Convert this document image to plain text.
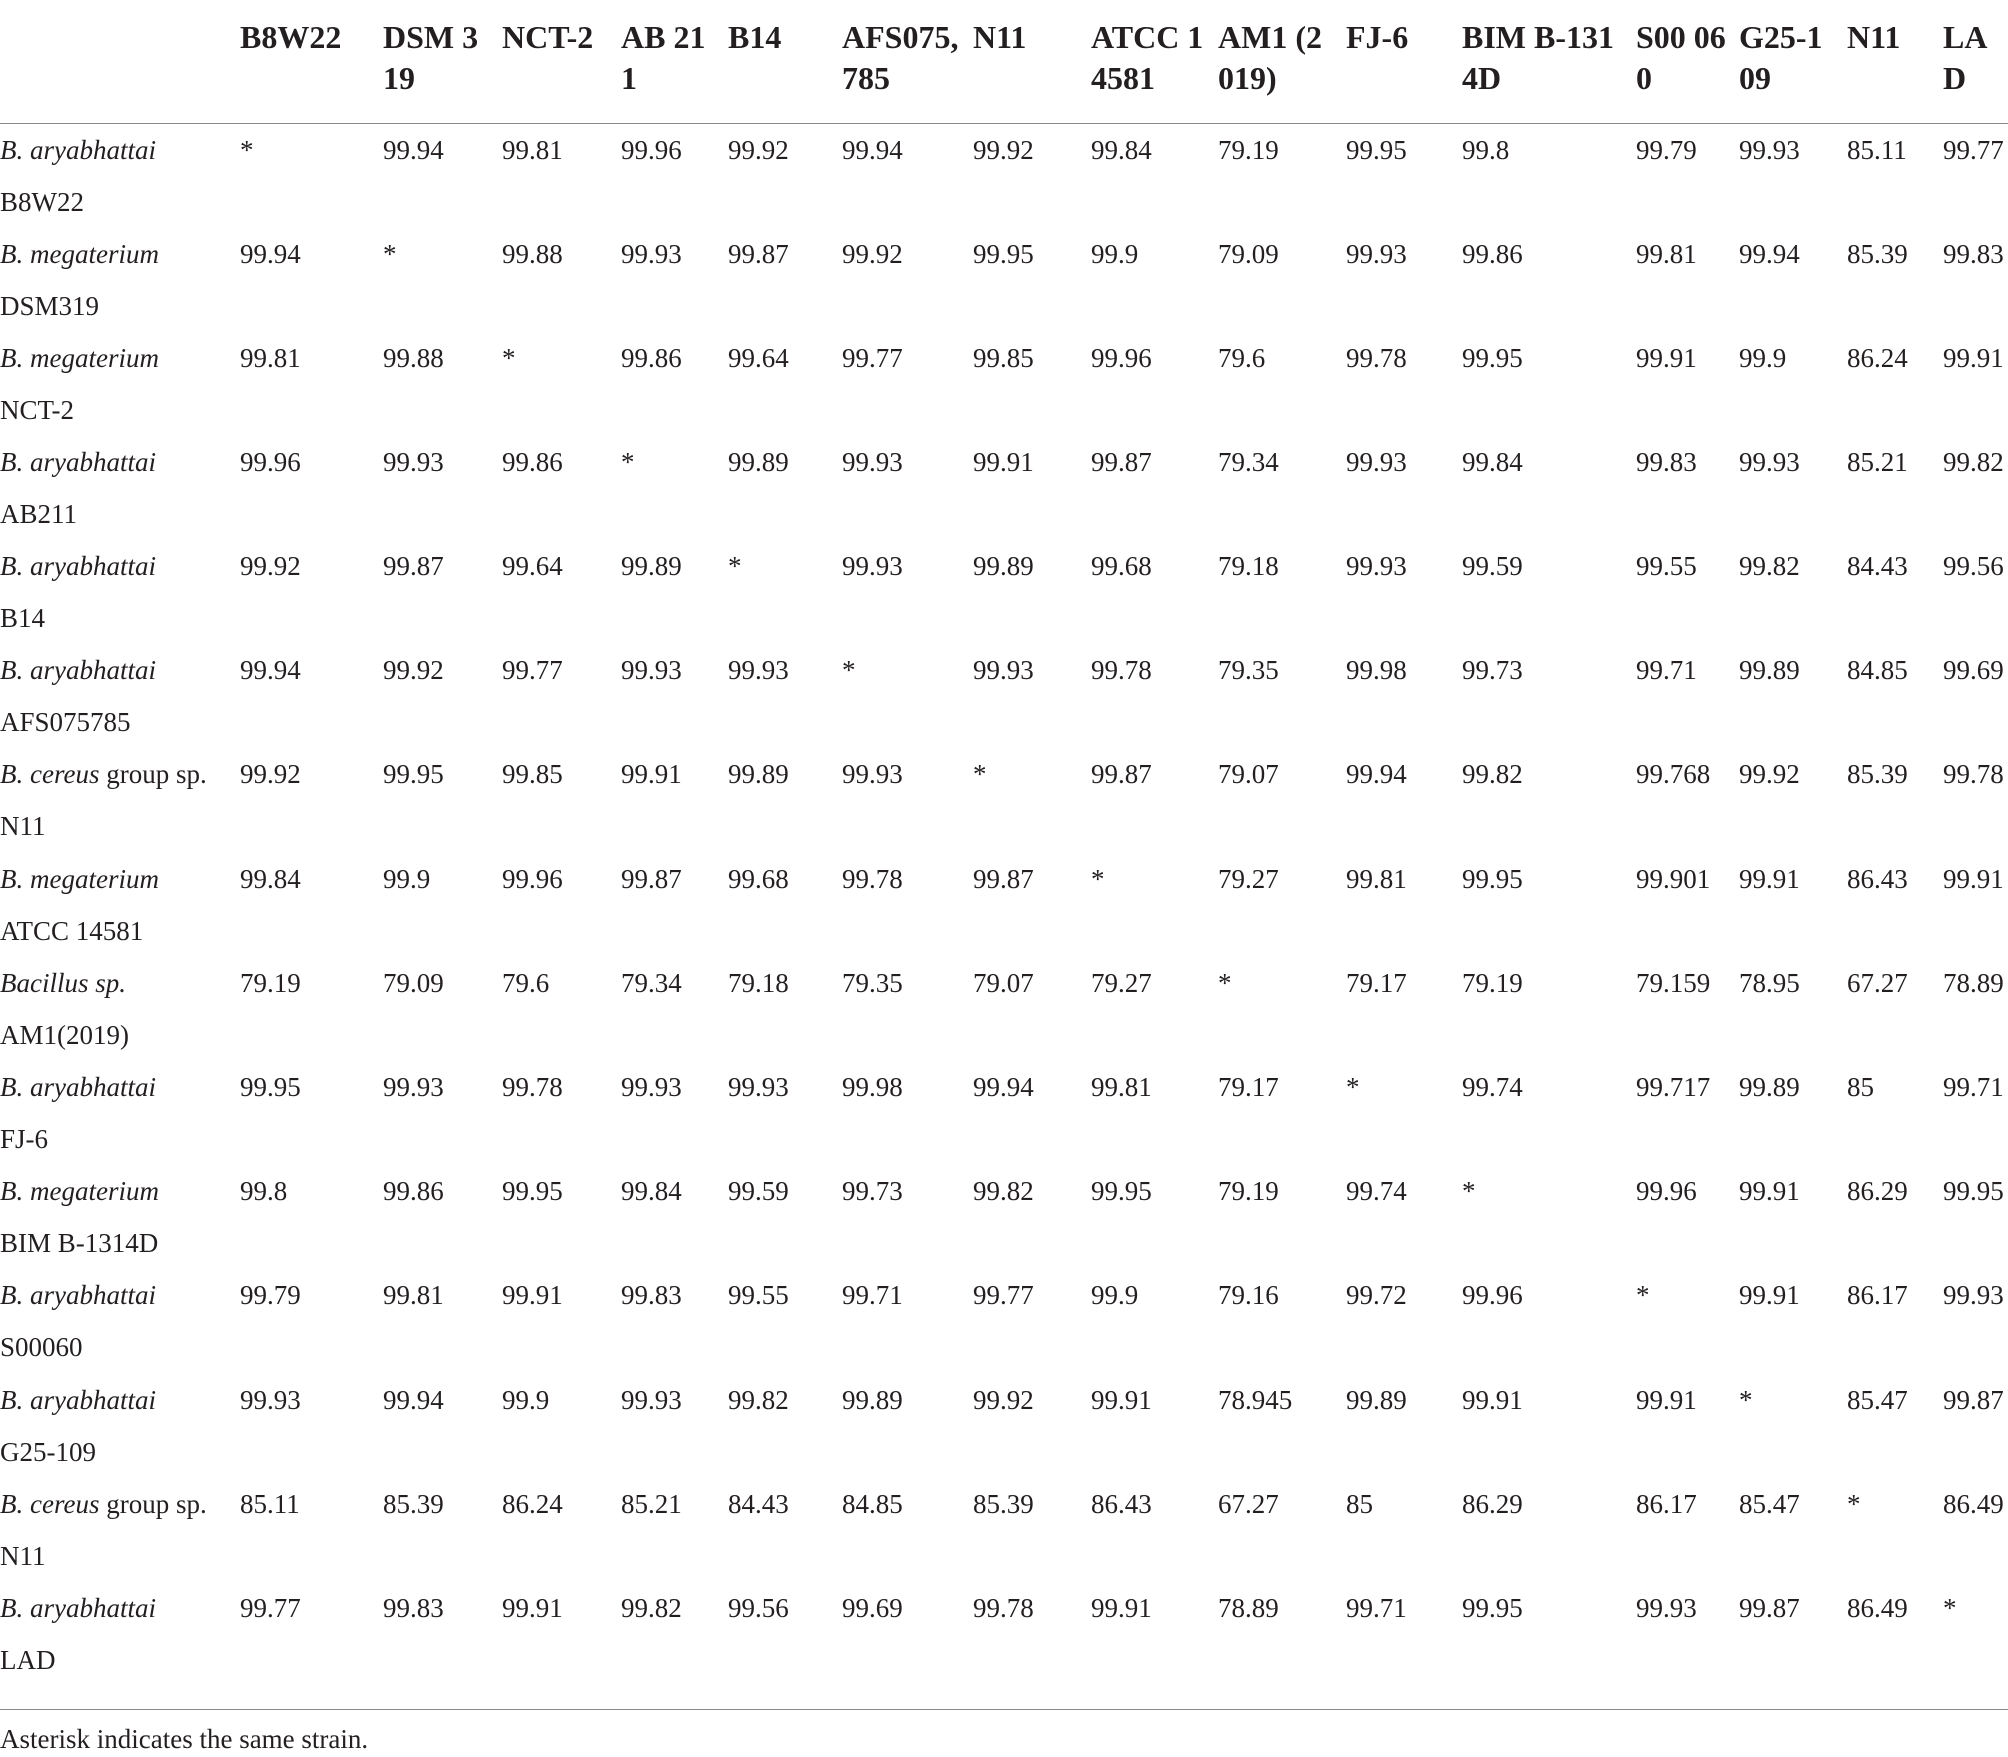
	B8W22	DSM 319	NCT-2	AB 211	B14	AFS075,785	N11	ATCC 14581	AM1 (2019)	FJ-6	BIM B-1314D	S00 060	G25-109	N11	LAD

B. aryabhattai
B8W22	*	99.94	99.81	99.96	99.92	99.94	99.92	99.84	79.19	99.95	99.8	99.79	99.93	85.11	99.77

B. megaterium
DSM319	99.94	*	99.88	99.93	99.87	99.92	99.95	99.9	79.09	99.93	99.86	99.81	99.94	85.39	99.83

B. megaterium
NCT-2	99.81	99.88	*	99.86	99.64	99.77	99.85	99.96	79.6	99.78	99.95	99.91	99.9	86.24	99.91

B. aryabhattai
AB211	99.96	99.93	99.86	*	99.89	99.93	99.91	99.87	79.34	99.93	99.84	99.83	99.93	85.21	99.82

B. aryabhattai
B14	99.92	99.87	99.64	99.89	*	99.93	99.89	99.68	79.18	99.93	99.59	99.55	99.82	84.43	99.56

B. aryabhattai
AFS075785	99.94	99.92	99.77	99.93	99.93	*	99.93	99.78	79.35	99.98	99.73	99.71	99.89	84.85	99.69

B. cereus group sp.
N11	99.92	99.95	99.85	99.91	99.89	99.93	*	99.87	79.07	99.94	99.82	99.768	99.92	85.39	99.78

B. megaterium
ATCC 14581	99.84	99.9	99.96	99.87	99.68	99.78	99.87	*	79.27	99.81	99.95	99.901	99.91	86.43	99.91

Bacillus sp.
AM1(2019)	79.19	79.09	79.6	79.34	79.18	79.35	79.07	79.27	*	79.17	79.19	79.159	78.95	67.27	78.89

B. aryabhattai
FJ-6	99.95	99.93	99.78	99.93	99.93	99.98	99.94	99.81	79.17	*	99.74	99.717	99.89	85	99.71

B. megaterium
BIM B-1314D	99.8	99.86	99.95	99.84	99.59	99.73	99.82	99.95	79.19	99.74	*	99.96	99.91	86.29	99.95

B. aryabhattai
S00060	99.79	99.81	99.91	99.83	99.55	99.71	99.77	99.9	79.16	99.72	99.96	*	99.91	86.17	99.93

B. aryabhattai
G25-109	99.93	99.94	99.9	99.93	99.82	99.89	99.92	99.91	78.945	99.89	99.91	99.91	*	85.47	99.87

B. cereus group sp.
N11	85.11	85.39	86.24	85.21	84.43	84.85	85.39	86.43	67.27	85	86.29	86.17	85.47	*	86.49

B. aryabhattai
LAD	99.77	99.83	99.91	99.82	99.56	99.69	99.78	99.91	78.89	99.71	99.95	99.93	99.87	86.49	*
Asterisk indicates the same strain.
